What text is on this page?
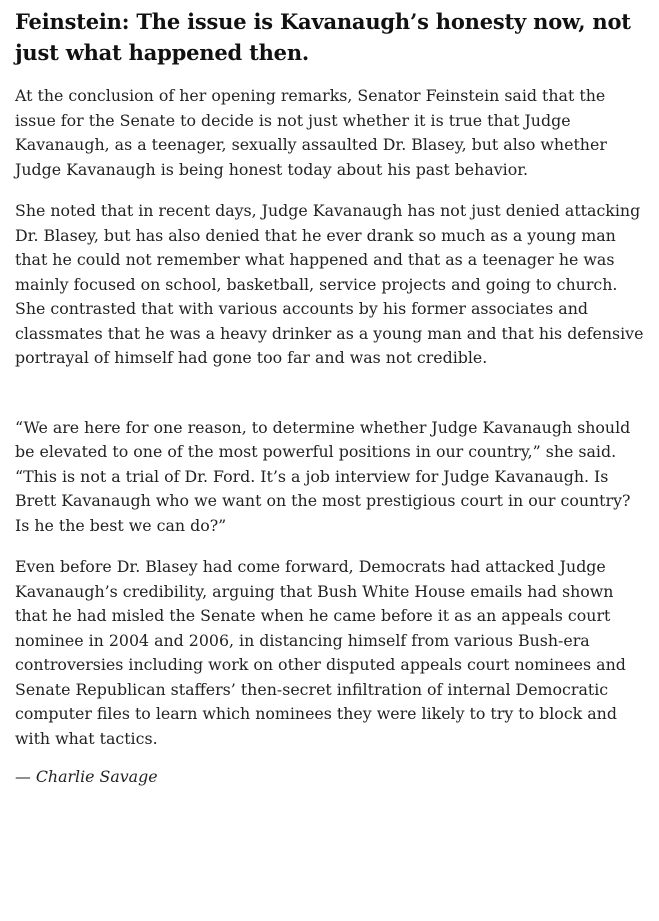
Feinstein: The issue is Kavanaugh’s honesty now, not just what happened then.

At the conclusion of her opening remarks, Senator Feinstein said that the issue for the Senate to decide is not just whether it is true that Judge Kavanaugh, as a teenager, sexually assaulted Dr. Blasey, but also whether Judge Kavanaugh is being honest today about his past behavior.

She noted that in recent days, Judge Kavanaugh has not just denied attacking Dr. Blasey, but has also denied that he ever drank so much as a young man that he could not remember what happened and that as a teenager he was mainly focused on school, basketball, service projects and going to church. She contrasted that with various accounts by his former associates and classmates that he was a heavy drinker as a young man and that his defensive portrayal of himself had gone too far and was not credible.

“We are here for one reason, to determine whether Judge Kavanaugh should be elevated to one of the most powerful positions in our country,” she said. “This is not a trial of Dr. Ford. It’s a job interview for Judge Kavanaugh. Is Brett Kavanaugh who we want on the most prestigious court in our country? Is he the best we can do?”

Even before Dr. Blasey had come forward, Democrats had attacked Judge Kavanaugh’s credibility, arguing that Bush White House emails had shown that he had misled the Senate when he came before it as an appeals court nominee in 2004 and 2006, in distancing himself from various Bush-era controversies including work on other disputed appeals court nominees and Senate Republican staffers’ then-secret infiltration of internal Democratic computer files to learn which nominees they were likely to try to block and with what tactics.

— Charlie Savage
